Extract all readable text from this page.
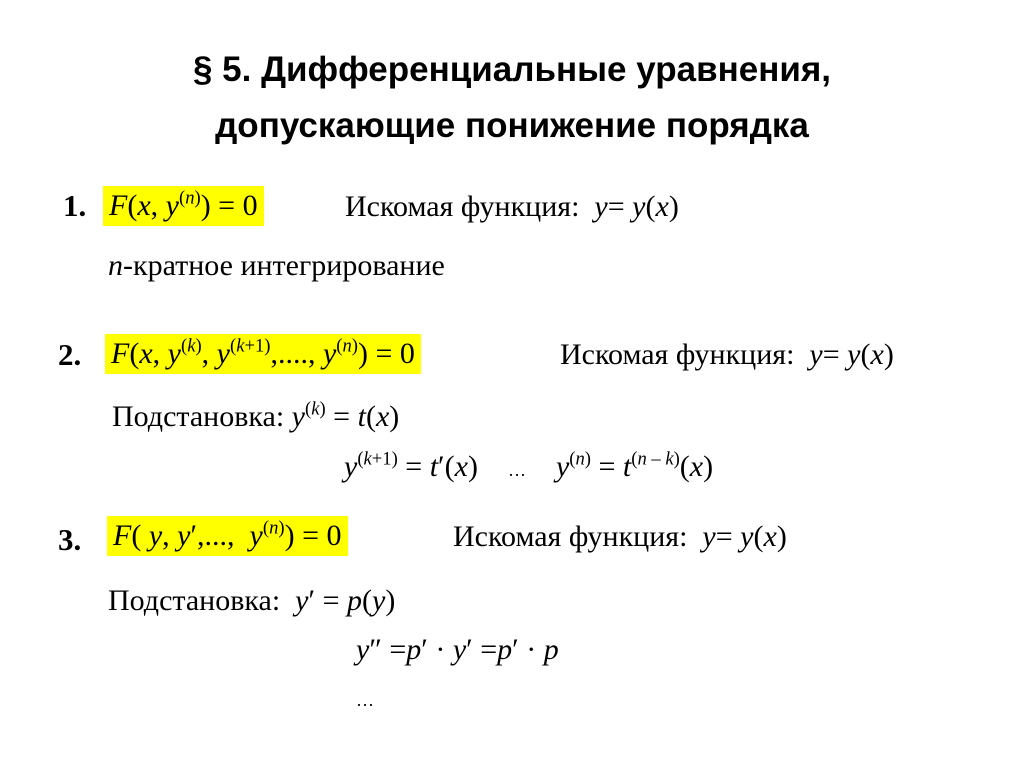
§ 5. Дифференциальные уравнения,
допускающие понижение порядка
1. F(x, $y^{(n)}) = 0$	Искомая функция: y= y(x)
n-кратное интегрирование
2. F(x, $y^{(k)}$, $y^{(k+1)}$,...., $y^{(n)}) = 0$	Искомая функция: y= y(x)
Подстановка: $y^{(k)} = t(x)$
$y^{(k+1)} = t'(x)$    … $y^{(n)} = t^{(n - k)}(x)$
3. F( y, y′,...,  $y^{(n)}) = 0$	Искомая функция: y= y(x)
Подстановка: y′ = p(y)
y″ =p′ · y′ =p′ · p
…
